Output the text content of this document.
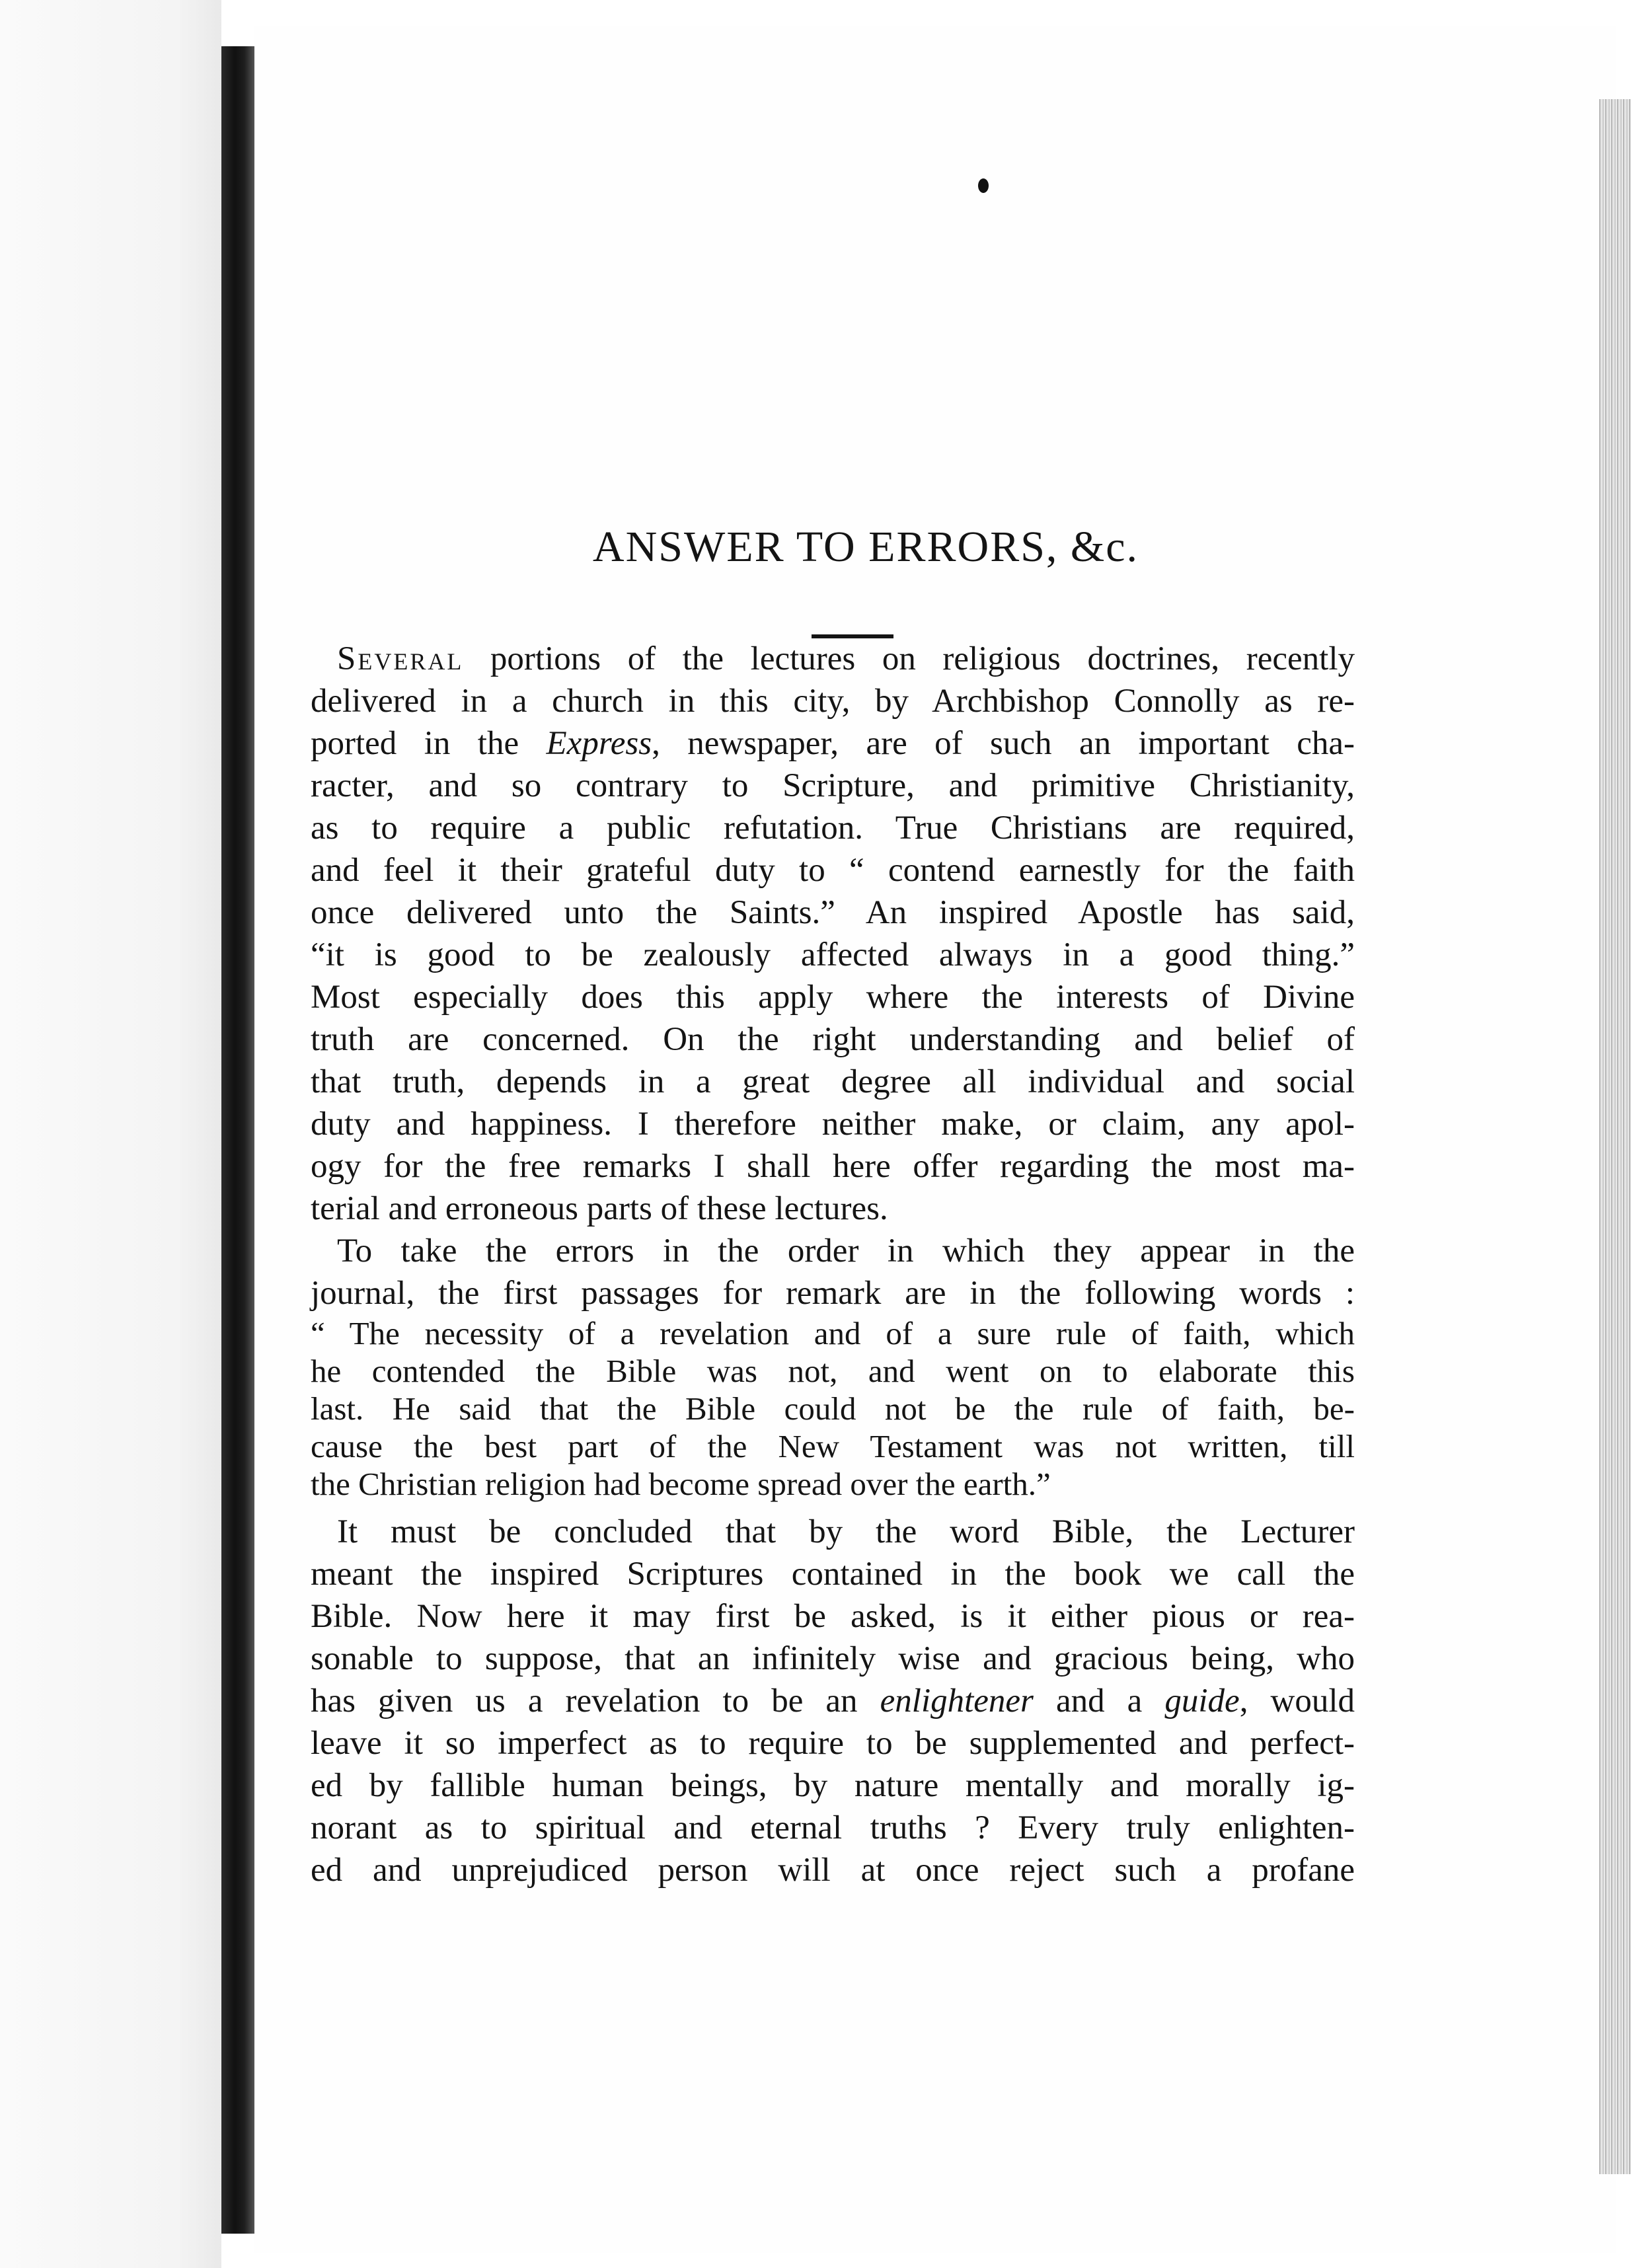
ANSWER TO ERRORS, &c.
Several portions of the lectures on religious doctrines, recently
delivered in a church in this city, by Archbishop Connolly as re-
ported in the Express, newspaper, are of such an important cha-
racter, and so contrary to Scripture, and primitive Christianity,
as to require a public refutation. True Christians are required,
and feel it their grateful duty to “ contend earnestly for the faith
once delivered unto the Saints.” An inspired Apostle has said,
“it is good to be zealously affected always in a good thing.”
Most especially does this apply where the interests of Divine
truth are concerned. On the right understanding and belief of
that truth, depends in a great degree all individual and social
duty and happiness. I therefore neither make, or claim, any apol-
ogy for the free remarks I shall here offer regarding the most ma-
terial and erroneous parts of these lectures.
To take the errors in the order in which they appear in the
journal, the first passages for remark are in the following words :
“ The necessity of a revelation and of a sure rule of faith, which
he contended the Bible was not, and went on to elaborate this
last. He said that the Bible could not be the rule of faith, be-
cause the best part of the New Testament was not written, till
the Christian religion had become spread over the earth.”
It must be concluded that by the word Bible, the Lecturer
meant the inspired Scriptures contained in the book we call the
Bible. Now here it may first be asked, is it either pious or rea-
sonable to suppose, that an infinitely wise and gracious being, who
has given us a revelation to be an enlightener and a guide, would
leave it so imperfect as to require to be supplemented and perfect-
ed by fallible human beings, by nature mentally and morally ig-
norant as to spiritual and eternal truths ? Every truly enlighten-
ed and unprejudiced person will at once reject such a profane
